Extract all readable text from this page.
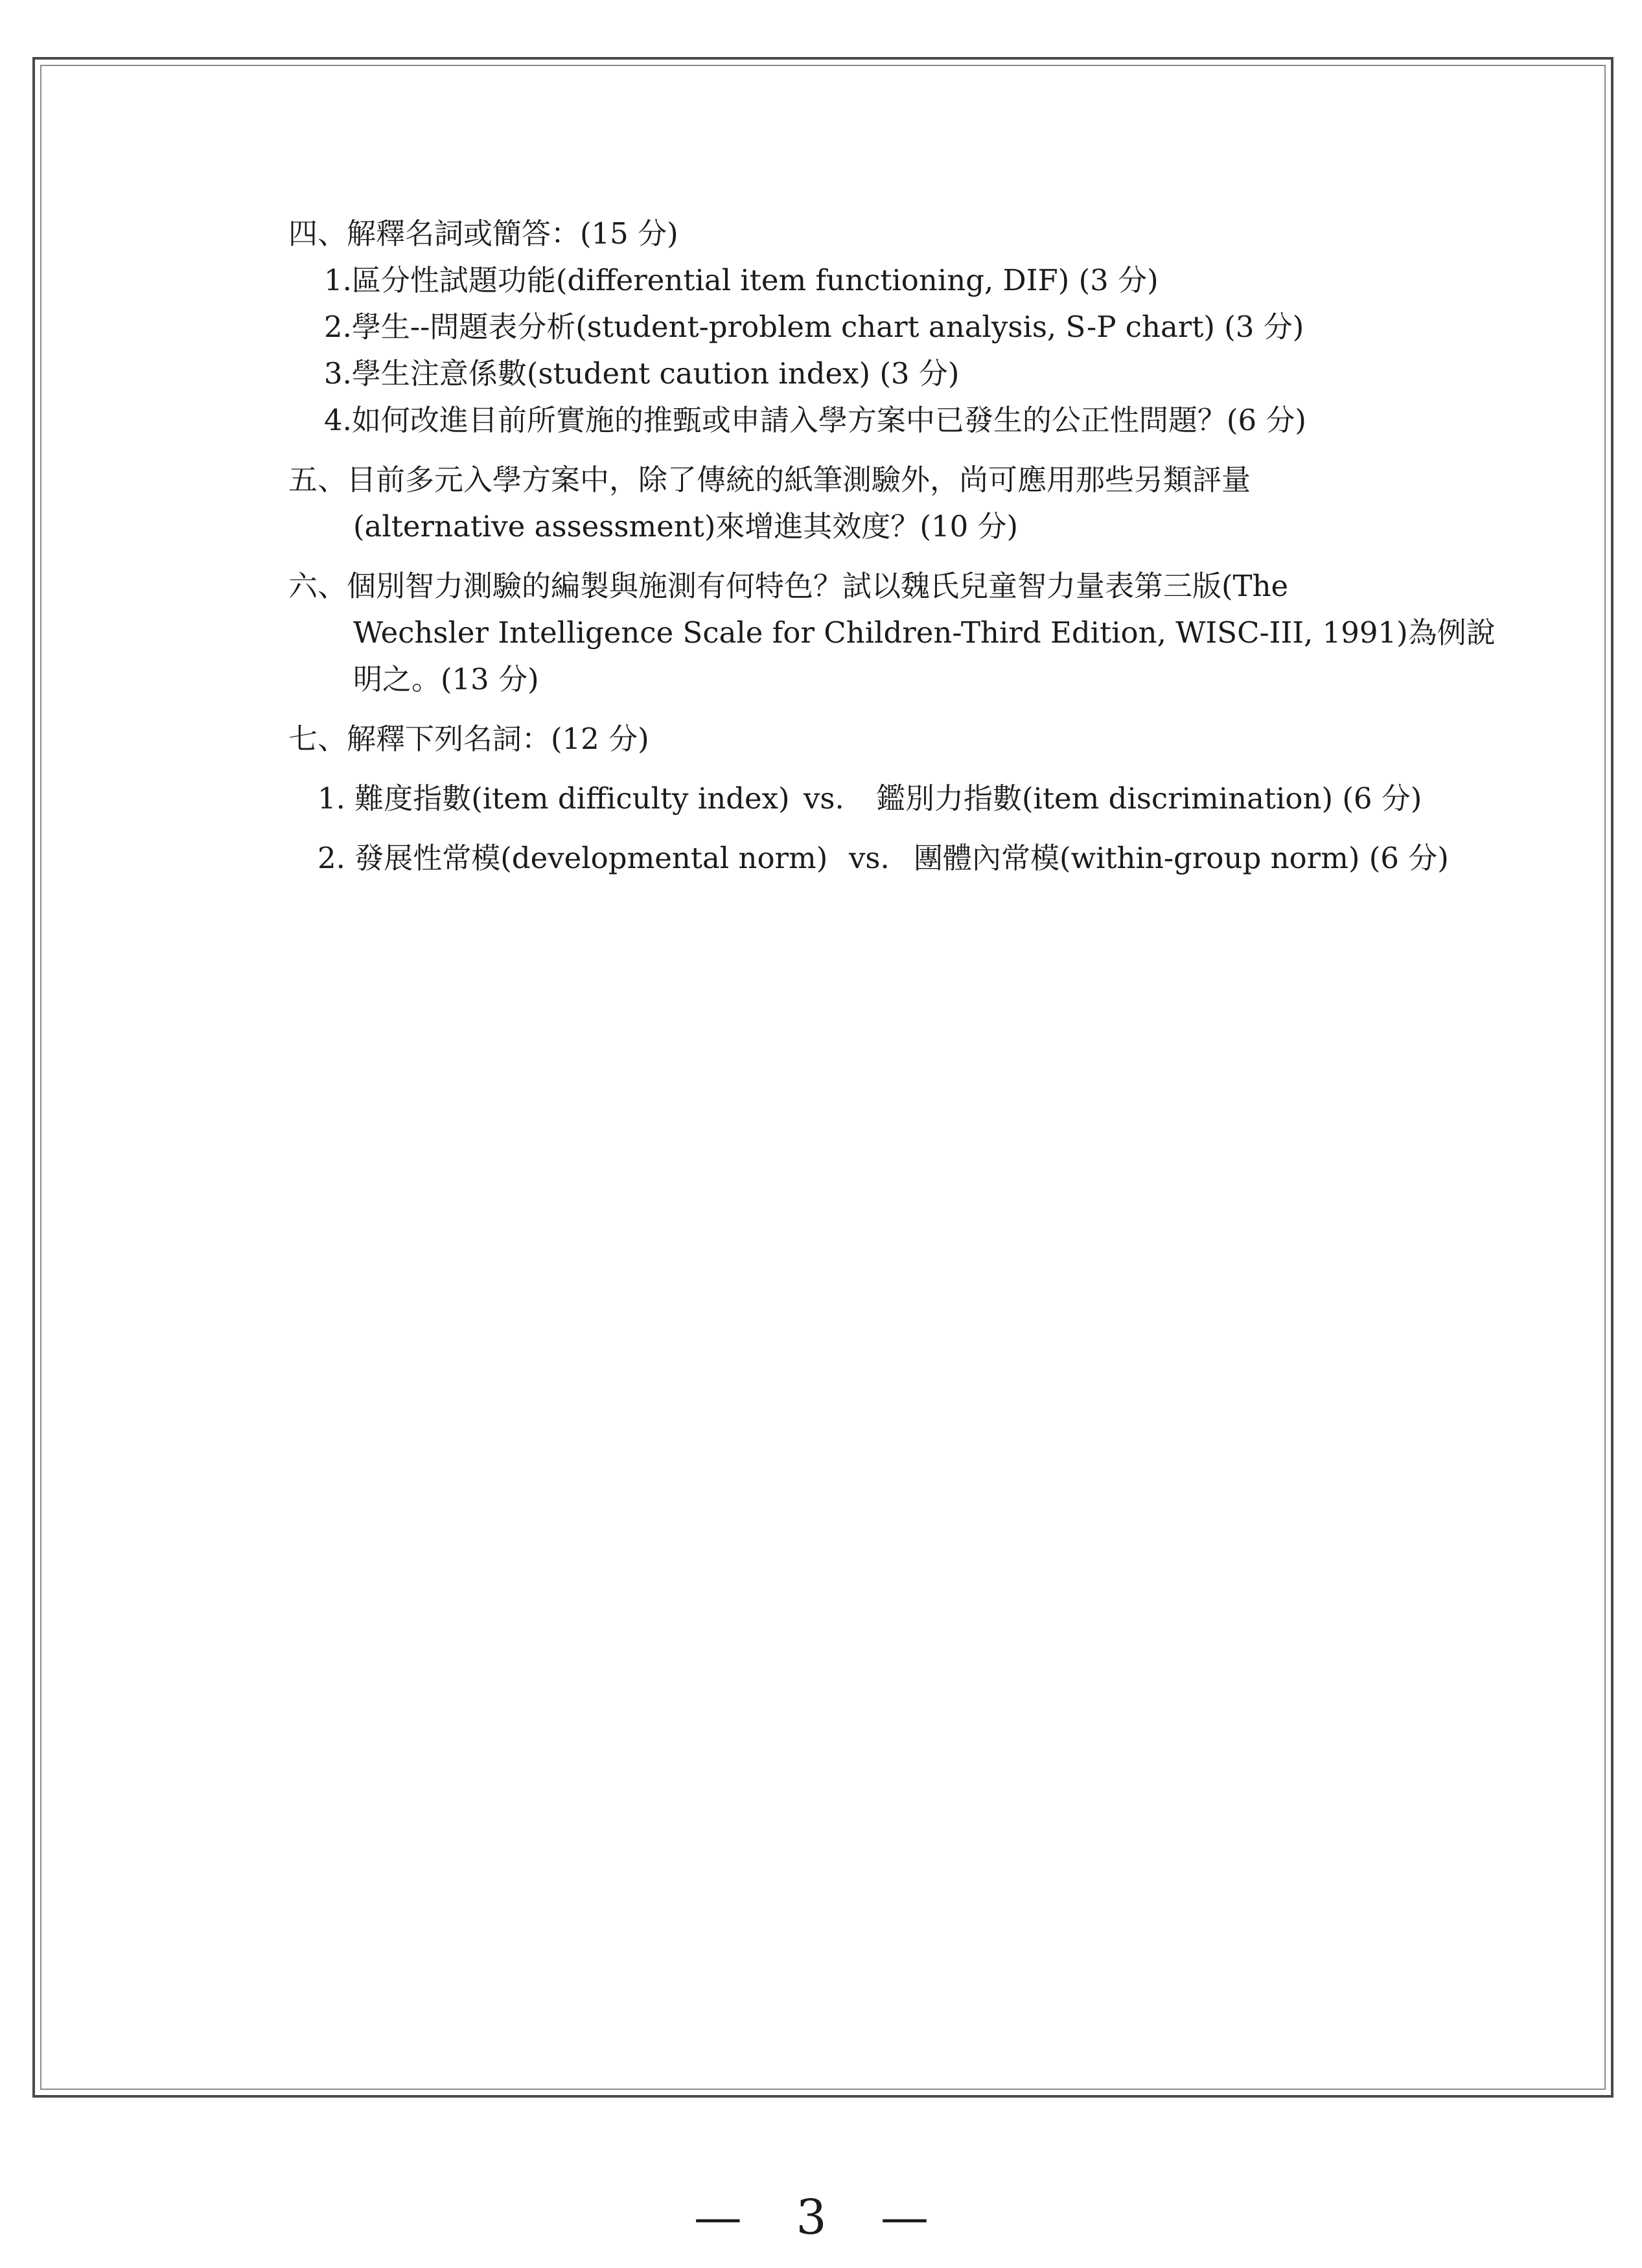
四、解釋名詞或簡答：(15 分)
1.區分性試題功能(differential item functioning, DIF) (3 分)
2.學生--問題表分析(student-problem chart analysis, S-P chart) (3 分)
3.學生注意係數(student caution index) (3 分)
4.如何改進目前所實施的推甄或申請入學方案中已發生的公正性問題？(6 分)
五、目前多元入學方案中，除了傳統的紙筆測驗外，尚可應用那些另類評量
(alternative assessment)來增進其效度？(10 分)
六、個別智力測驗的編製與施測有何特色？試以魏氏兒童智力量表第三版(The
Wechsler Intelligence Scale for Children-Third Edition, WISC-III, 1991)為例說
明之。(13 分)
七、解釋下列名詞：(12 分)
1. 難度指數(item difficulty index) vs.	鑑別力指數(item discrimination) (6 分)
2. 發展性常模(developmental norm) vs. 團體內常模(within-group norm) (6 分)
— 3 —
